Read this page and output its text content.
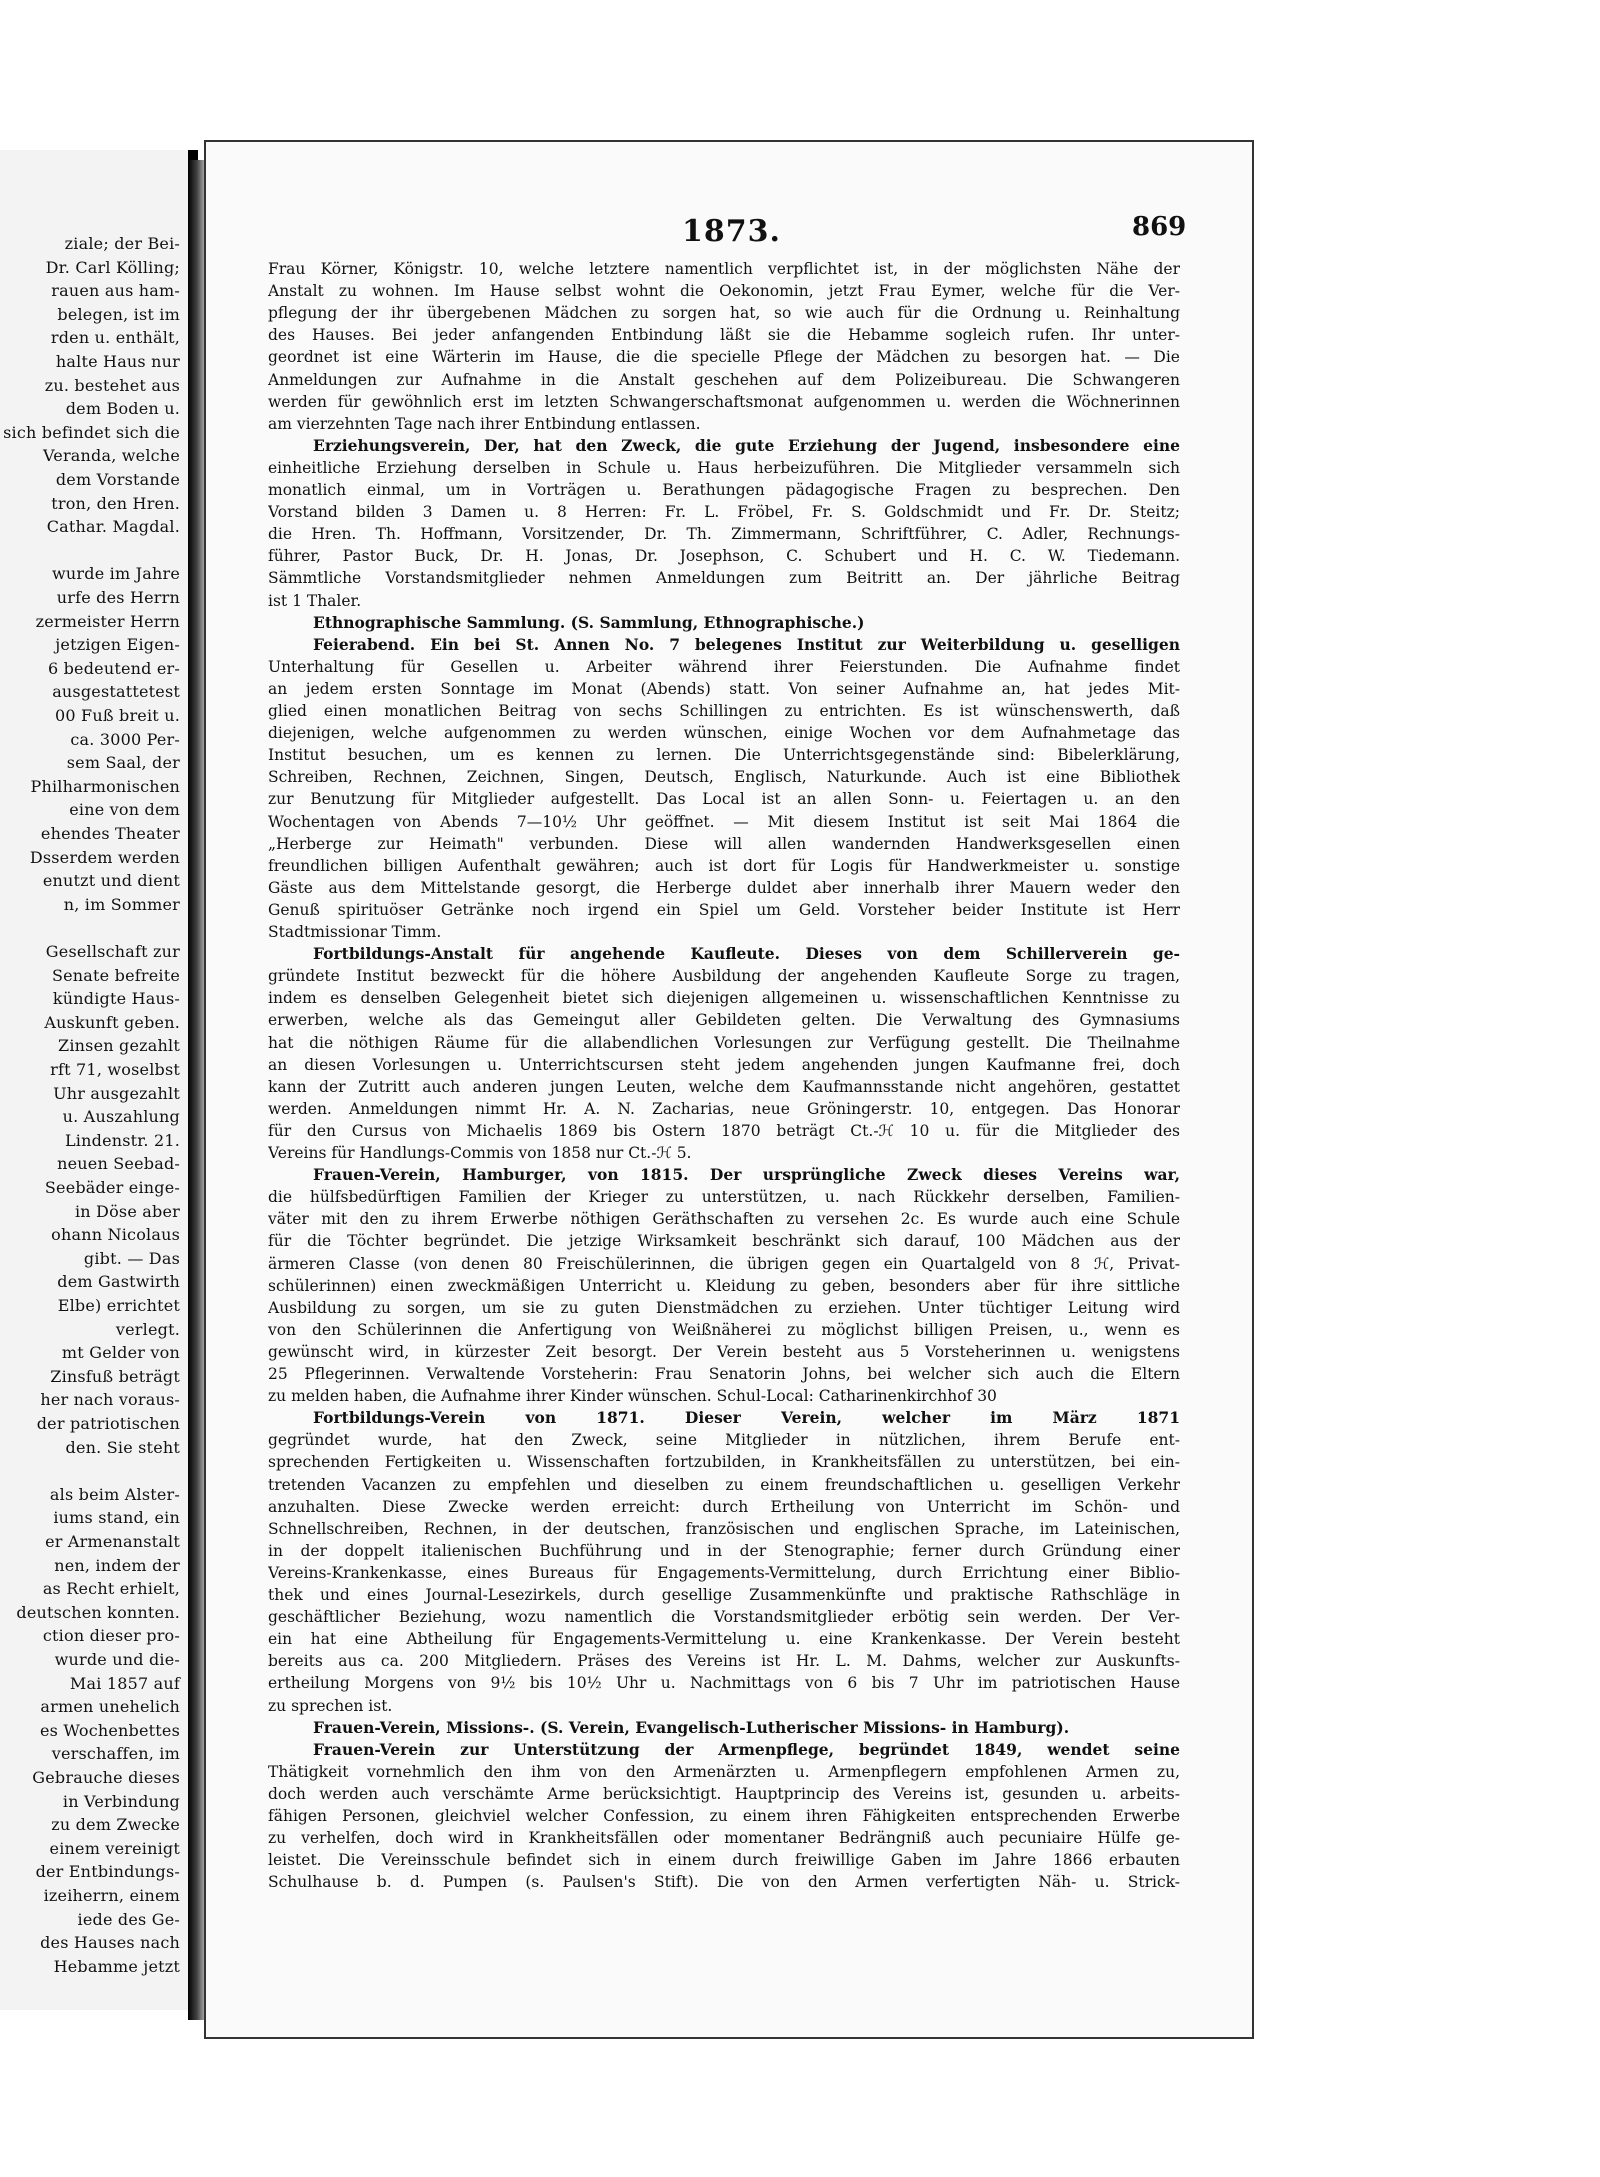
ziale; der Bei-
Dr. Carl Kölling;
rauen aus ham-
belegen, ist im
rden u. enthält,
halte Haus nur
zu. bestehet aus
dem Boden u.
sich befindet sich die
Veranda, welche
dem Vorstande
tron, den Hren.
Cathar. Magdal.
wurde im Jahre
urfe des Herrn
zermeister Herrn
jetzigen Eigen-
6 bedeutend er-
ausgestattetest
00 Fuß breit u.
ca. 3000 Per-
sem Saal, der
Philharmonischen
eine von dem
ehendes Theater
Dsserdem werden
enutzt und dient
n, im Sommer
Gesellschaft zur
Senate befreite
kündigte Haus-
Auskunft geben.
Zinsen gezahlt
rft 71, woselbst
Uhr ausgezahlt
u. Auszahlung
Lindenstr. 21.
neuen Seebad-
Seebäder einge-
in Döse aber
ohann Nicolaus
gibt. — Das
dem Gastwirth
Elbe) errichtet
verlegt.
mt Gelder von
Zinsfuß beträgt
her nach voraus-
der patriotischen
den. Sie steht
als beim Alster-
iums stand, ein
er Armenanstalt
nen, indem der
as Recht erhielt,
deutschen konnten.
ction dieser pro-
wurde und die-
Mai 1857 auf
armen unehelich
es Wochenbettes
verschaffen, im
Gebrauche dieses
in Verbindung
zu dem Zwecke
einem vereinigt
der Entbindungs-
izeiherrn, einem
iede des Ge-
des Hauses nach
Hebamme jetzt
1873.	869
Frau Körner, Königstr. 10, welche letztere namentlich verpflichtet ist, in der möglichsten Nähe der
Anstalt zu wohnen. Im Hause selbst wohnt die Oekonomin, jetzt Frau Eymer, welche für die Ver-
pflegung der ihr übergebenen Mädchen zu sorgen hat, so wie auch für die Ordnung u. Reinhaltung
des Hauses. Bei jeder anfangenden Entbindung läßt sie die Hebamme sogleich rufen. Ihr unter-
geordnet ist eine Wärterin im Hause, die die specielle Pflege der Mädchen zu besorgen hat. — Die
Anmeldungen zur Aufnahme in die Anstalt geschehen auf dem Polizeibureau. Die Schwangeren
werden für gewöhnlich erst im letzten Schwangerschaftsmonat aufgenommen u. werden die Wöchnerinnen
am vierzehnten Tage nach ihrer Entbindung entlassen.
Erziehungsverein, Der, hat den Zweck, die gute Erziehung der Jugend, insbesondere eine
einheitliche Erziehung derselben in Schule u. Haus herbeizuführen. Die Mitglieder versammeln sich
monatlich einmal, um in Vorträgen u. Berathungen pädagogische Fragen zu besprechen. Den
Vorstand bilden 3 Damen u. 8 Herren: Fr. L. Fröbel, Fr. S. Goldschmidt und Fr. Dr. Steitz;
die Hren. Th. Hoffmann, Vorsitzender, Dr. Th. Zimmermann, Schriftführer, C. Adler, Rechnungs-
führer, Pastor Buck, Dr. H. Jonas, Dr. Josephson, C. Schubert und H. C. W. Tiedemann.
Sämmtliche Vorstandsmitglieder nehmen Anmeldungen zum Beitritt an. Der jährliche Beitrag
ist 1 Thaler.
Ethnographische Sammlung. (S. Sammlung, Ethnographische.)
Feierabend. Ein bei St. Annen No. 7 belegenes Institut zur Weiterbildung u. geselligen
Unterhaltung für Gesellen u. Arbeiter während ihrer Feierstunden. Die Aufnahme findet
an jedem ersten Sonntage im Monat (Abends) statt. Von seiner Aufnahme an, hat jedes Mit-
glied einen monatlichen Beitrag von sechs Schillingen zu entrichten. Es ist wünschenswerth, daß
diejenigen, welche aufgenommen zu werden wünschen, einige Wochen vor dem Aufnahmetage das
Institut besuchen, um es kennen zu lernen. Die Unterrichtsgegenstände sind: Bibelerklärung,
Schreiben, Rechnen, Zeichnen, Singen, Deutsch, Englisch, Naturkunde. Auch ist eine Bibliothek
zur Benutzung für Mitglieder aufgestellt. Das Local ist an allen Sonn- u. Feiertagen u. an den
Wochentagen von Abends 7—10½ Uhr geöffnet. — Mit diesem Institut ist seit Mai 1864 die
„Herberge zur Heimath" verbunden. Diese will allen wandernden Handwerksgesellen einen
freundlichen billigen Aufenthalt gewähren; auch ist dort für Logis für Handwerkmeister u. sonstige
Gäste aus dem Mittelstande gesorgt, die Herberge duldet aber innerhalb ihrer Mauern weder den
Genuß spirituöser Getränke noch irgend ein Spiel um Geld. Vorsteher beider Institute ist Herr
Stadtmissionar Timm.
Fortbildungs-Anstalt für angehende Kaufleute. Dieses von dem Schillerverein ge-
gründete Institut bezweckt für die höhere Ausbildung der angehenden Kaufleute Sorge zu tragen,
indem es denselben Gelegenheit bietet sich diejenigen allgemeinen u. wissenschaftlichen Kenntnisse zu
erwerben, welche als das Gemeingut aller Gebildeten gelten. Die Verwaltung des Gymnasiums
hat die nöthigen Räume für die allabendlichen Vorlesungen zur Verfügung gestellt. Die Theilnahme
an diesen Vorlesungen u. Unterrichtscursen steht jedem angehenden jungen Kaufmanne frei, doch
kann der Zutritt auch anderen jungen Leuten, welche dem Kaufmannsstande nicht angehören, gestattet
werden. Anmeldungen nimmt Hr. A. N. Zacharias, neue Gröningerstr. 10, entgegen. Das Honorar
für den Cursus von Michaelis 1869 bis Ostern 1870 beträgt Ct.-ℋ 10 u. für die Mitglieder des
Vereins für Handlungs-Commis von 1858 nur Ct.-ℋ 5.
Frauen-Verein, Hamburger, von 1815. Der ursprüngliche Zweck dieses Vereins war,
die hülfsbedürftigen Familien der Krieger zu unterstützen, u. nach Rückkehr derselben, Familien-
väter mit den zu ihrem Erwerbe nöthigen Geräthschaften zu versehen 2c. Es wurde auch eine Schule
für die Töchter begründet. Die jetzige Wirksamkeit beschränkt sich darauf, 100 Mädchen aus der
ärmeren Classe (von denen 80 Freischülerinnen, die übrigen gegen ein Quartalgeld von 8 ℋ, Privat-
schülerinnen) einen zweckmäßigen Unterricht u. Kleidung zu geben, besonders aber für ihre sittliche
Ausbildung zu sorgen, um sie zu guten Dienstmädchen zu erziehen. Unter tüchtiger Leitung wird
von den Schülerinnen die Anfertigung von Weißnäherei zu möglichst billigen Preisen, u., wenn es
gewünscht wird, in kürzester Zeit besorgt. Der Verein besteht aus 5 Vorsteherinnen u. wenigstens
25 Pflegerinnen. Verwaltende Vorsteherin: Frau Senatorin Johns, bei welcher sich auch die Eltern
zu melden haben, die Aufnahme ihrer Kinder wünschen. Schul-Local: Catharinenkirchhof 30
Fortbildungs-Verein von 1871. Dieser Verein, welcher im März 1871
gegründet wurde, hat den Zweck, seine Mitglieder in nützlichen, ihrem Berufe ent-
sprechenden Fertigkeiten u. Wissenschaften fortzubilden, in Krankheitsfällen zu unterstützen, bei ein-
tretenden Vacanzen zu empfehlen und dieselben zu einem freundschaftlichen u. geselligen Verkehr
anzuhalten. Diese Zwecke werden erreicht: durch Ertheilung von Unterricht im Schön- und
Schnellschreiben, Rechnen, in der deutschen, französischen und englischen Sprache, im Lateinischen,
in der doppelt italienischen Buchführung und in der Stenographie; ferner durch Gründung einer
Vereins-Krankenkasse, eines Bureaus für Engagements-Vermittelung, durch Errichtung einer Biblio-
thek und eines Journal-Lesezirkels, durch gesellige Zusammenkünfte und praktische Rathschläge in
geschäftlicher Beziehung, wozu namentlich die Vorstandsmitglieder erbötig sein werden. Der Ver-
ein hat eine Abtheilung für Engagements-Vermittelung u. eine Krankenkasse. Der Verein besteht
bereits aus ca. 200 Mitgliedern. Präses des Vereins ist Hr. L. M. Dahms, welcher zur Auskunfts-
ertheilung Morgens von 9½ bis 10½ Uhr u. Nachmittags von 6 bis 7 Uhr im patriotischen Hause
zu sprechen ist.
Frauen-Verein, Missions-. (S. Verein, Evangelisch-Lutherischer Missions- in Hamburg).
Frauen-Verein zur Unterstützung der Armenpflege, begründet 1849, wendet seine
Thätigkeit vornehmlich den ihm von den Armenärzten u. Armenpflegern empfohlenen Armen zu,
doch werden auch verschämte Arme berücksichtigt. Hauptprincip des Vereins ist, gesunden u. arbeits-
fähigen Personen, gleichviel welcher Confession, zu einem ihren Fähigkeiten entsprechenden Erwerbe
zu verhelfen, doch wird in Krankheitsfällen oder momentaner Bedrängniß auch pecuniaire Hülfe ge-
leistet. Die Vereinsschule befindet sich in einem durch freiwillige Gaben im Jahre 1866 erbauten
Schulhause b. d. Pumpen (s. Paulsen's Stift). Die von den Armen verfertigten Näh- u. Strick-
